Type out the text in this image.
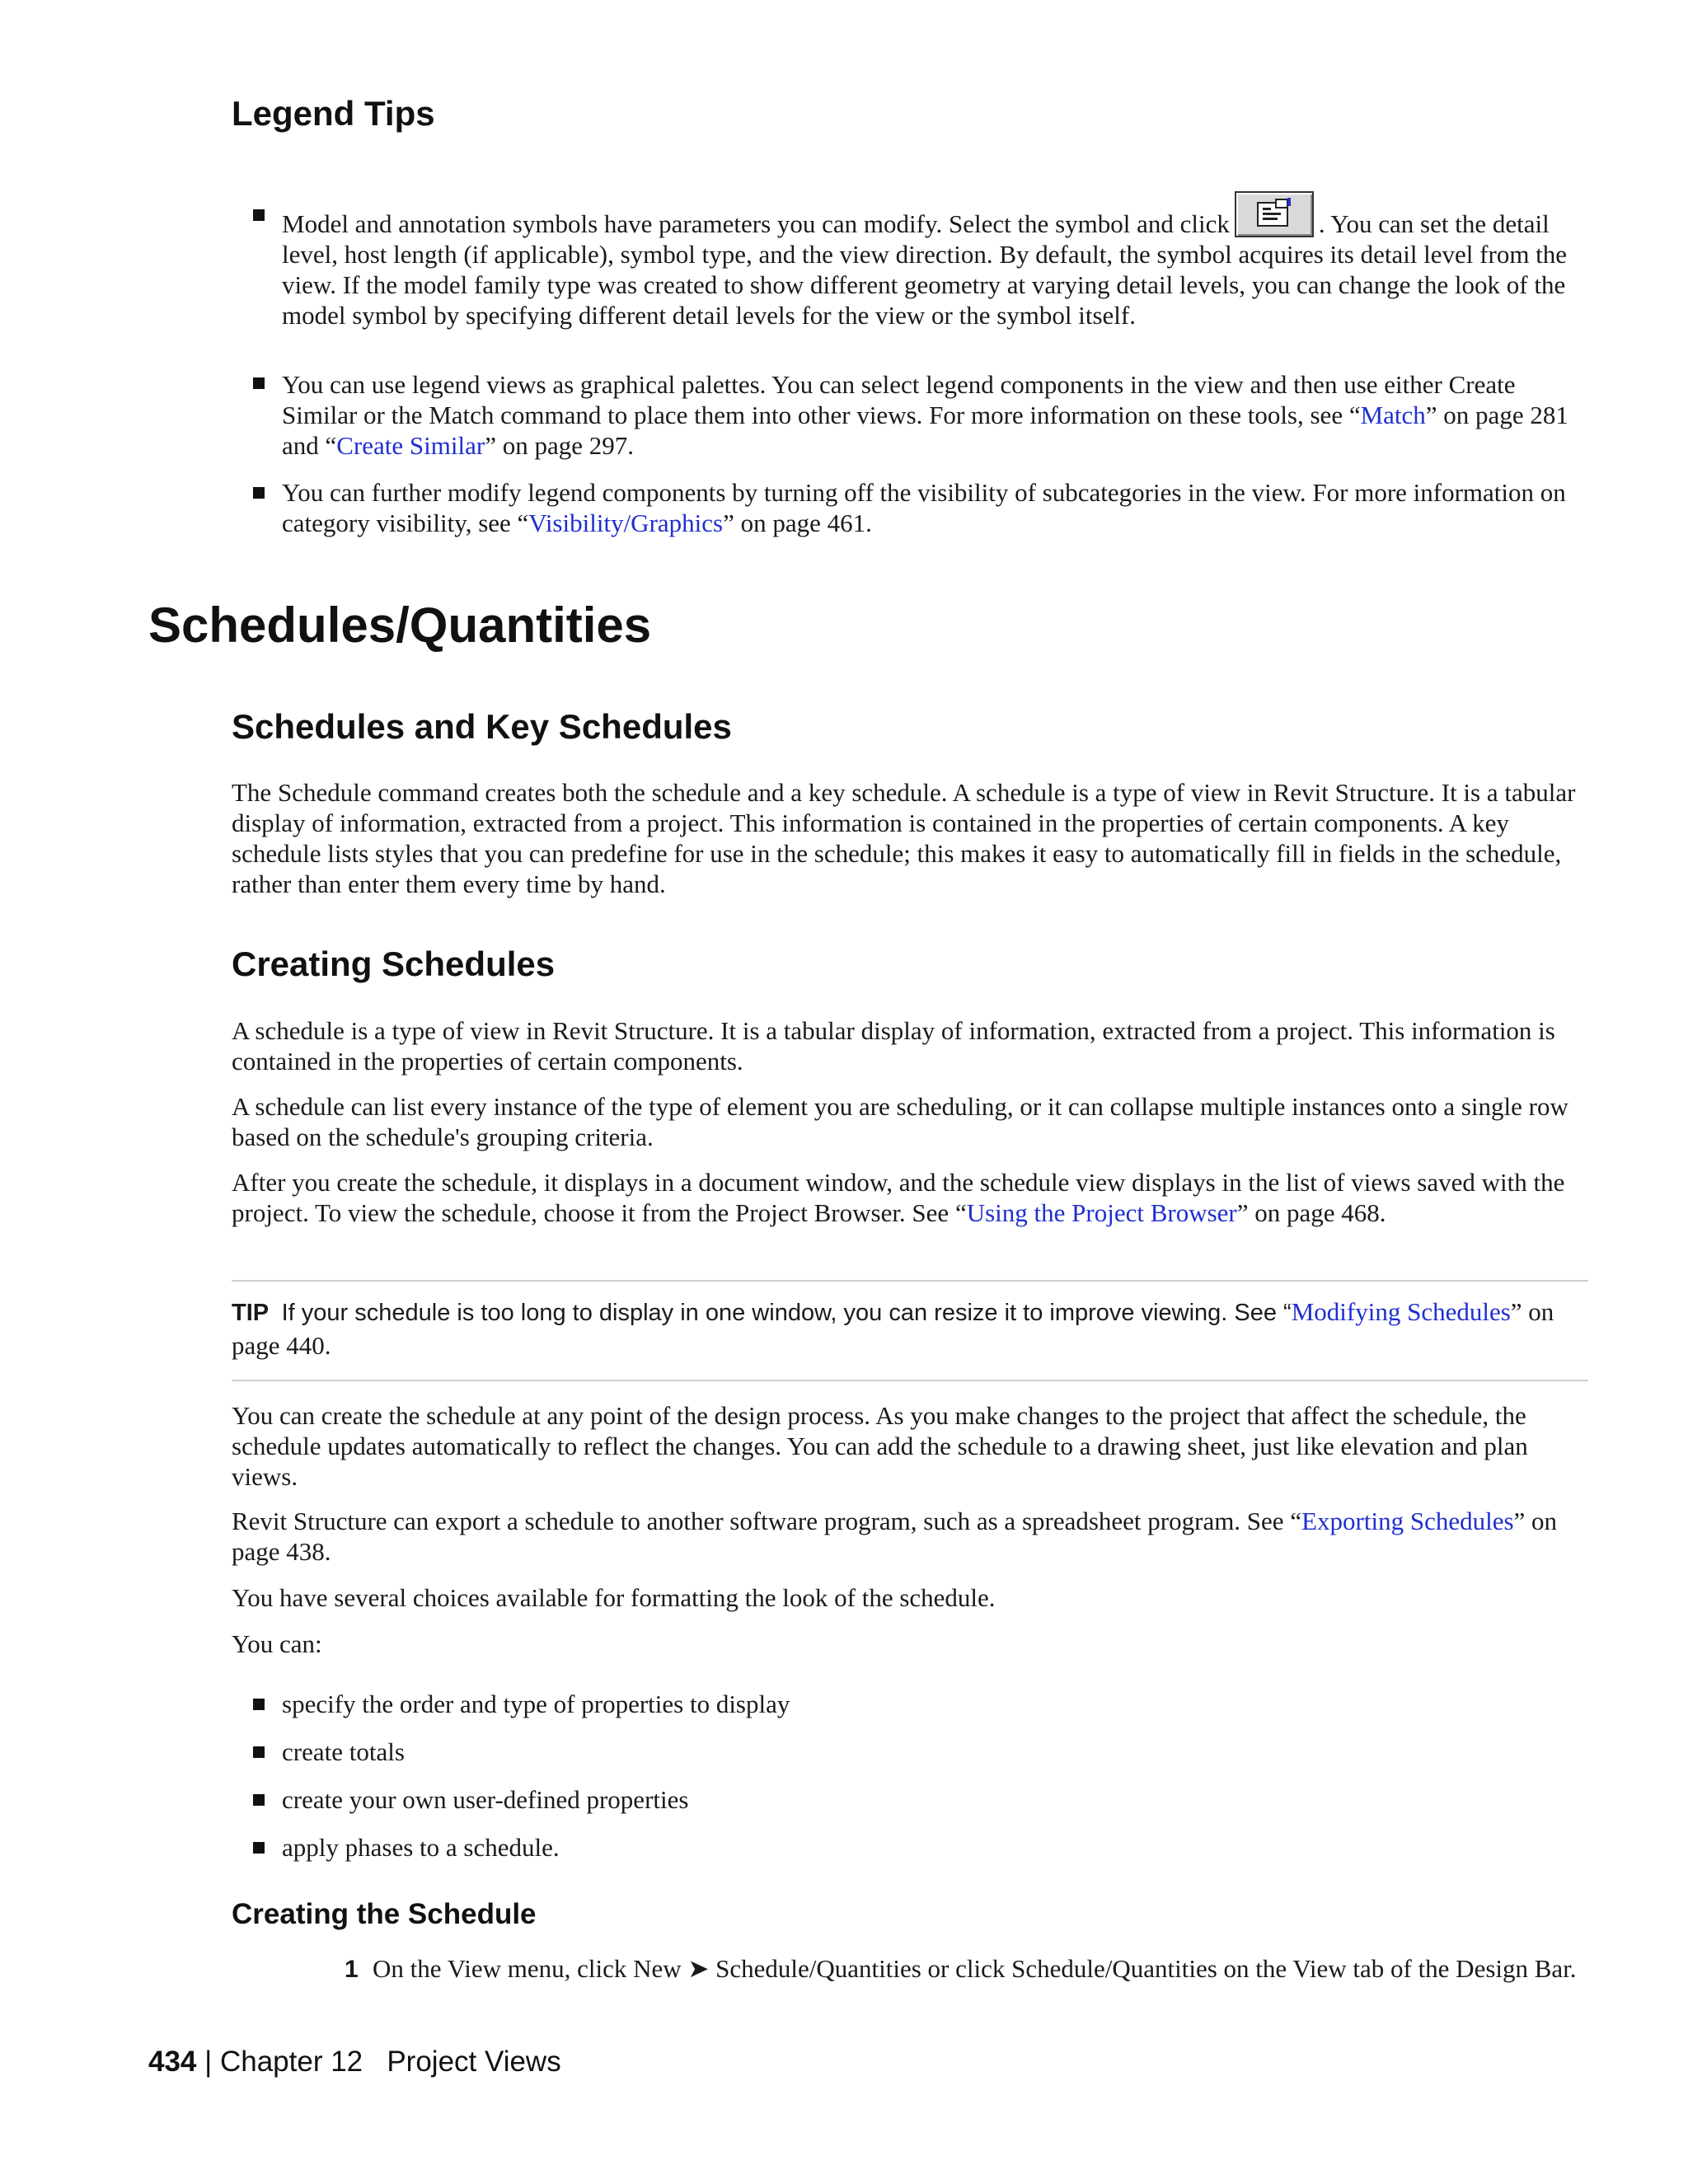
Legend Tips

Model and annotation symbols have parameters you can modify. Select the symbol and click	. You can set the detail level, host length (if applicable), symbol type, and the view direction. By default, the symbol acquires its detail level from the view. If the model family type was created to show different geometry at varying detail levels, you can change the look of the model symbol by specifying different detail levels for the view or the symbol itself.

You can use legend views as graphical palettes. You can select legend components in the view and then use either Create Similar or the Match command to place them into other views. For more information on these tools, see “Match” on page 281 and “Create Similar” on page 297.

You can further modify legend components by turning off the visibility of subcategories in the view. For more information on category visibility, see “Visibility/Graphics” on page 461.

Schedules/Quantities
Schedules and Key Schedules

The Schedule command creates both the schedule and a key schedule. A schedule is a type of view in Revit Structure. It is a tabular display of information, extracted from a project. This information is contained in the properties of certain components. A key schedule lists styles that you can predefine for use in the schedule; this makes it easy to automatically fill in fields in the schedule, rather than enter them every time by hand.

Creating Schedules

A schedule is a type of view in Revit Structure. It is a tabular display of information, extracted from a project. This information is contained in the properties of certain components.

A schedule can list every instance of the type of element you are scheduling, or it can collapse multiple instances onto a single row based on the schedule's grouping criteria.

After you create the schedule, it displays in a document window, and the schedule view displays in the list of views saved with the project. To view the schedule, choose it from the Project Browser. See “Using the Project Browser” on page 468.

TIP If your schedule is too long to display in one window, you can resize it to improve viewing. See “Modifying Schedules” on page 440.

You can create the schedule at any point of the design process. As you make changes to the project that affect the schedule, the schedule updates automatically to reflect the changes. You can add the schedule to a drawing sheet, just like elevation and plan views.

Revit Structure can export a schedule to another software program, such as a spreadsheet program. See “Exporting Schedules” on page 438.

You have several choices available for formatting the look of the schedule.

You can:

specify the order and type of properties to display

create totals

create your own user-defined properties

apply phases to a schedule.

Creating the Schedule
1 On the View menu, click New ➤ Schedule/Quantities or click Schedule/Quantities on the View tab of the Design Bar.

434 | Chapter 12 Project Views
